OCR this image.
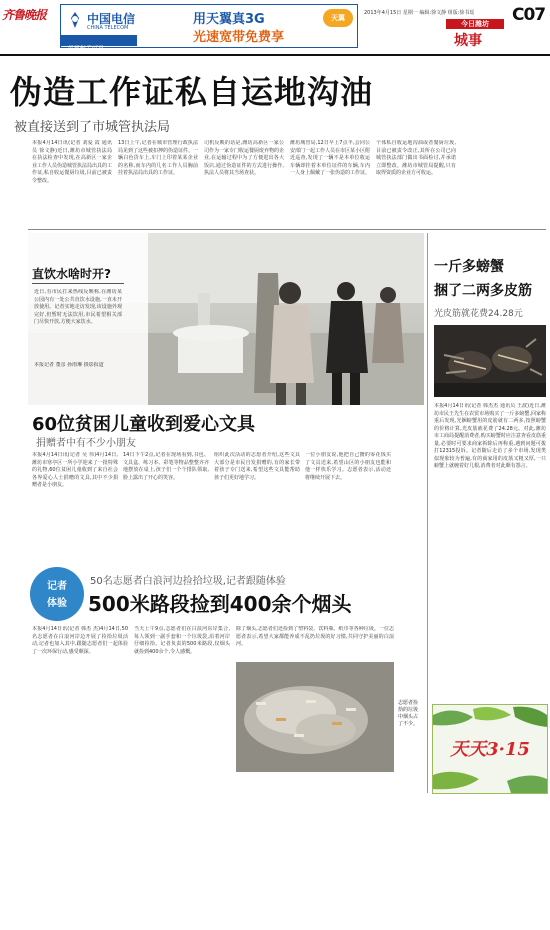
齐鲁晚报	中国电信
CHINA TELECOM
世界触手可及
用天翼真3G
光速宽带免费享
天翼
2013年4月15日 星期一 编辑:徐文静 组版:徐书瑶
今日潍坊
城事
C07
伪造工作证私自运地沟油
被直接送到了市城管执法局
本报4月14日讯(记者 刘爱 霞 通讯员 徐文静)近日,潍坊市城管执法局在执法检查中发现,在高新区一家企业工作人员伪造城管执法局出具的工作证,私自收运餐厨垃圾,目前已被责令整改。
13日上午,记者在城市管理行政执法局见到了这些被扣押的伪造证件。一辆白色货车上,车门上印着某某企业的名称,而车内的几名工作人员胸前挂着执法局出具的工作证。
司机反映的话是,潍坊高新区一家公司作为一家专门收运餐厨废弃物的企业,在运输过程中为了方便进出各大饭店,通过伪造证件的方式进行操作,执法人员将其当场查获。
潍坊城管局,12日早上7点半,会同公安部门一起工作人员在市区某小区附近巡查,发现了一辆不是本单位收运车辆却挂着本单位证件的车辆,车内一人身上佩戴了一张伪造的工作证。
个体私自收运地沟油或者餐厨垃圾,目前已被责令改正,其所在公司已向城管执法部门做出书面检讨,并承诺立即整改。潍坊市城管局提醒,只有取得资质的企业方可收运。
直饮水啥时开?
近日,有市民打来热线反映称,在潍坊某公园内有一处公共直饮水设施,一直未开放使用。记者实地走访发现,该设施外观完好,但暂时无法饮用,市民希望相关部门尽快开放,方便大家饮水。
本报记者 董彦 孙雨琳 摄影报道
60位贫困儿童收到爱心文具
捐赠者中有不少小朋友
本报4月14日讯(记者 吴 伟)4月14日,潍坊市寒亭区一所小学迎来了一批特殊的礼物,60位贫困儿童收到了来自社会各界爱心人士捐赠的文具,其中不少捐赠者是小朋友。
14日下午2点,记者在现场看到,书包、文具盒、练习本、彩笔等物品整整齐齐地摆放在桌上,孩子们一个个排队领取,脸上露出了开心的笑容。
组织此次活动的志愿者介绍,这些文具大部分是市民自发捐赠的,有的家长带着孩子专门送来,希望这些文具能帮助孩子们更好地学习。
一位小朋友说,他把自己攒的零花钱买了文具送来,希望山区的小朋友也能和他一样快乐学习。志愿者表示,活动还将继续开展下去。
记者
体验
50名志愿者白浪河边捡拾垃圾,记者跟随体验
500米路段捡到400余个烟头
本报4月14日讯(记者 韩杰 杰)4月14日,50名志愿者在白浪河岸边开展了捡拾垃圾活动,记者也加入其中,跟随志愿者们一起体验了一次环保行动,感受颇深。
当天上午9点,志愿者们在白浪河东岸集合,每人领到一副手套和一个垃圾袋,沿着河岸仔细捡拾。记者负责的500米路段,仅烟头就捡到400余个,令人感慨。
除了烟头,志愿者们还捡到了塑料袋、饮料瓶、纸巾等各种垃圾。一位志愿者表示,希望大家都能养成不乱扔垃圾的好习惯,共同守护美丽的白浪河。
志愿者捡拾的垃圾中烟头占了不少。
一斤多螃蟹
捆了二两多皮筋
光皮筋就花费24.28元
本报4月14日讯(记者 韩杰杰 通讯员 王波)近日,潍坊市民王先生在农贸市场购买了一斤多螃蟹,回家称重后发现,光捆螃蟹用的皮筋就有二两多,按照螃蟹的价格计算,光皮筋就花费了24.28元。对此,潍坊市工商局提醒消费者,购买螃蟹时应注意查看皮筋重量,必要时可要求商家拆除后再称重,遇到问题可拨打12315投诉。记者随后走访了多个市场,发现类似现象较为普遍,有的商家用的皮筋又粗又厚,一只螃蟹上就缠着好几根,消费者对此颇有怨言。
天天3·15
